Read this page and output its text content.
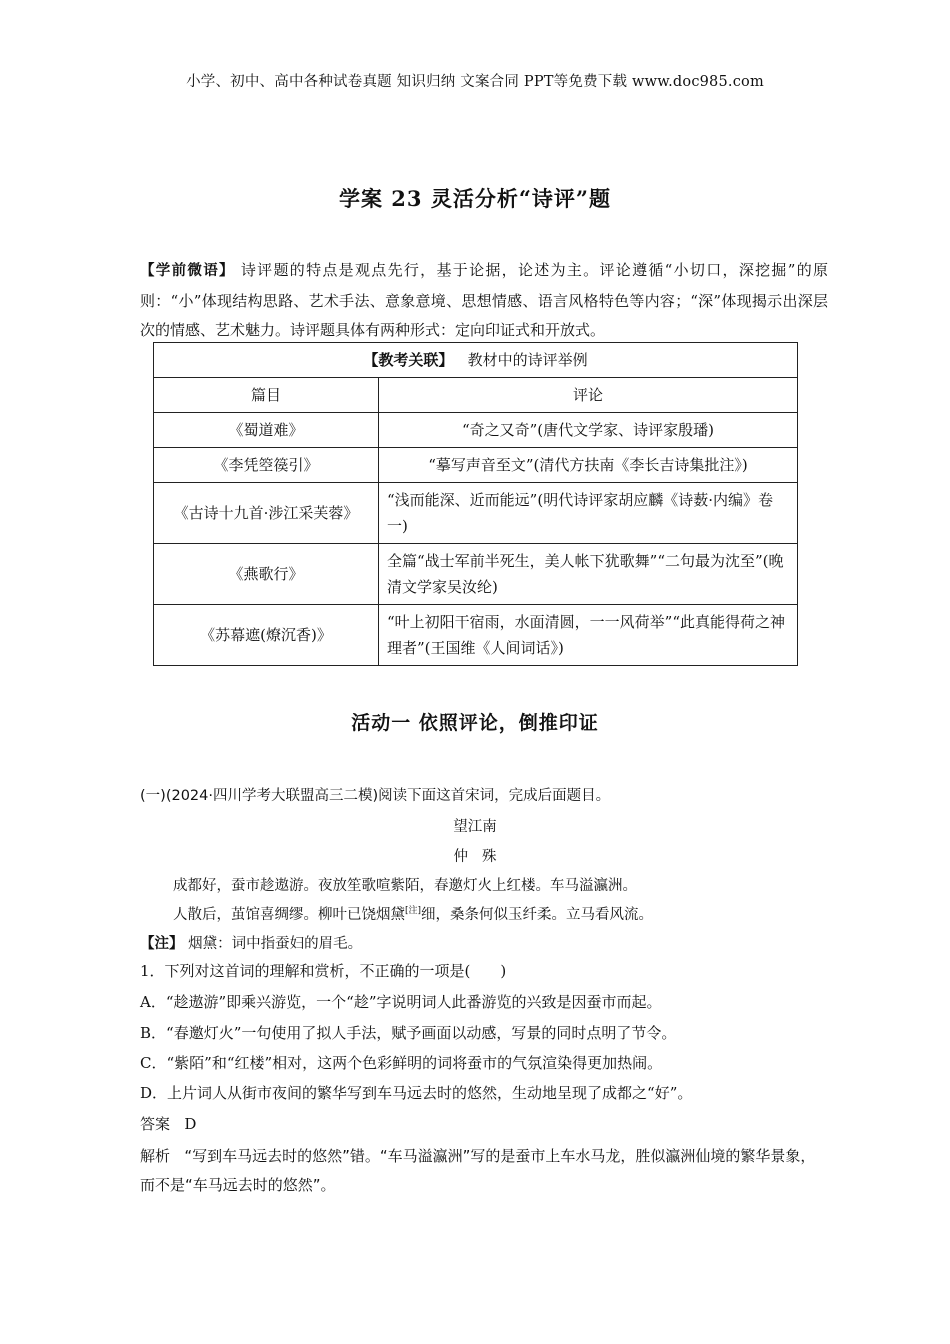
小学、初中、高中各种试卷真题 知识归纳 文案合同 PPT等免费下载 www.doc985.com
学案 23 灵活分析“诗评”题
【学前微语】 诗评题的特点是观点先行，基于论据，论述为主。评论遵循“小切口，深挖掘”的原则：“小”体现结构思路、艺术手法、意象意境、思想情感、语言风格特色等内容；“深”体现揭示出深层次的情感、艺术魅力。诗评题具体有两种形式：定向印证式和开放式。
【教考关联】 教材中的诗评举例	
篇目	评论
《蜀道难》	“奇之又奇”(唐代文学家、诗评家殷璠)
《李凭箜篌引》	“摹写声音至文”(清代方扶南《李长吉诗集批注》)
《古诗十九首·涉江采芙蓉》	“浅而能深、近而能远”(明代诗评家胡应麟《诗薮·内编》卷一)
《燕歌行》	全篇“战士军前半死生，美人帐下犹歌舞”“二句最为沈至”(晚清文学家吴汝纶)
《苏幕遮(燎沉香)》	“叶上初阳干宿雨，水面清圆，一一风荷举”“此真能得荷之神理者”(王国维《人间词话》)
活动一 依照评论，倒推印证
(一)(2024·四川学考大联盟高三二模)阅读下面这首宋词，完成后面题目。
望江南
仲殊
成都好，蚕市趁遨游。夜放笙歌喧紫陌，春邀灯火上红楼。车马溢瀛洲。
人散后，茧馆喜绸缪。柳叶已饶烟黛[注]细，桑条何似玉纤柔。立马看风流。
【注】 烟黛：词中指蚕妇的眉毛。
1．下列对这首词的理解和赏析，不正确的一项是(　　)
A．“趁遨游”即乘兴游览，一个“趁”字说明词人此番游览的兴致是因蚕市而起。
B．“春邀灯火”一句使用了拟人手法，赋予画面以动感，写景的同时点明了节令。
C．“紫陌”和“红楼”相对，这两个色彩鲜明的词将蚕市的气氛渲染得更加热闹。
D．上片词人从街市夜间的繁华写到车马远去时的悠然，生动地呈现了成都之“好”。
答案 D
解析 “写到车马远去时的悠然”错。“车马溢瀛洲”写的是蚕市上车水马龙，胜似瀛洲仙境的繁华景象，而不是“车马远去时的悠然”。
